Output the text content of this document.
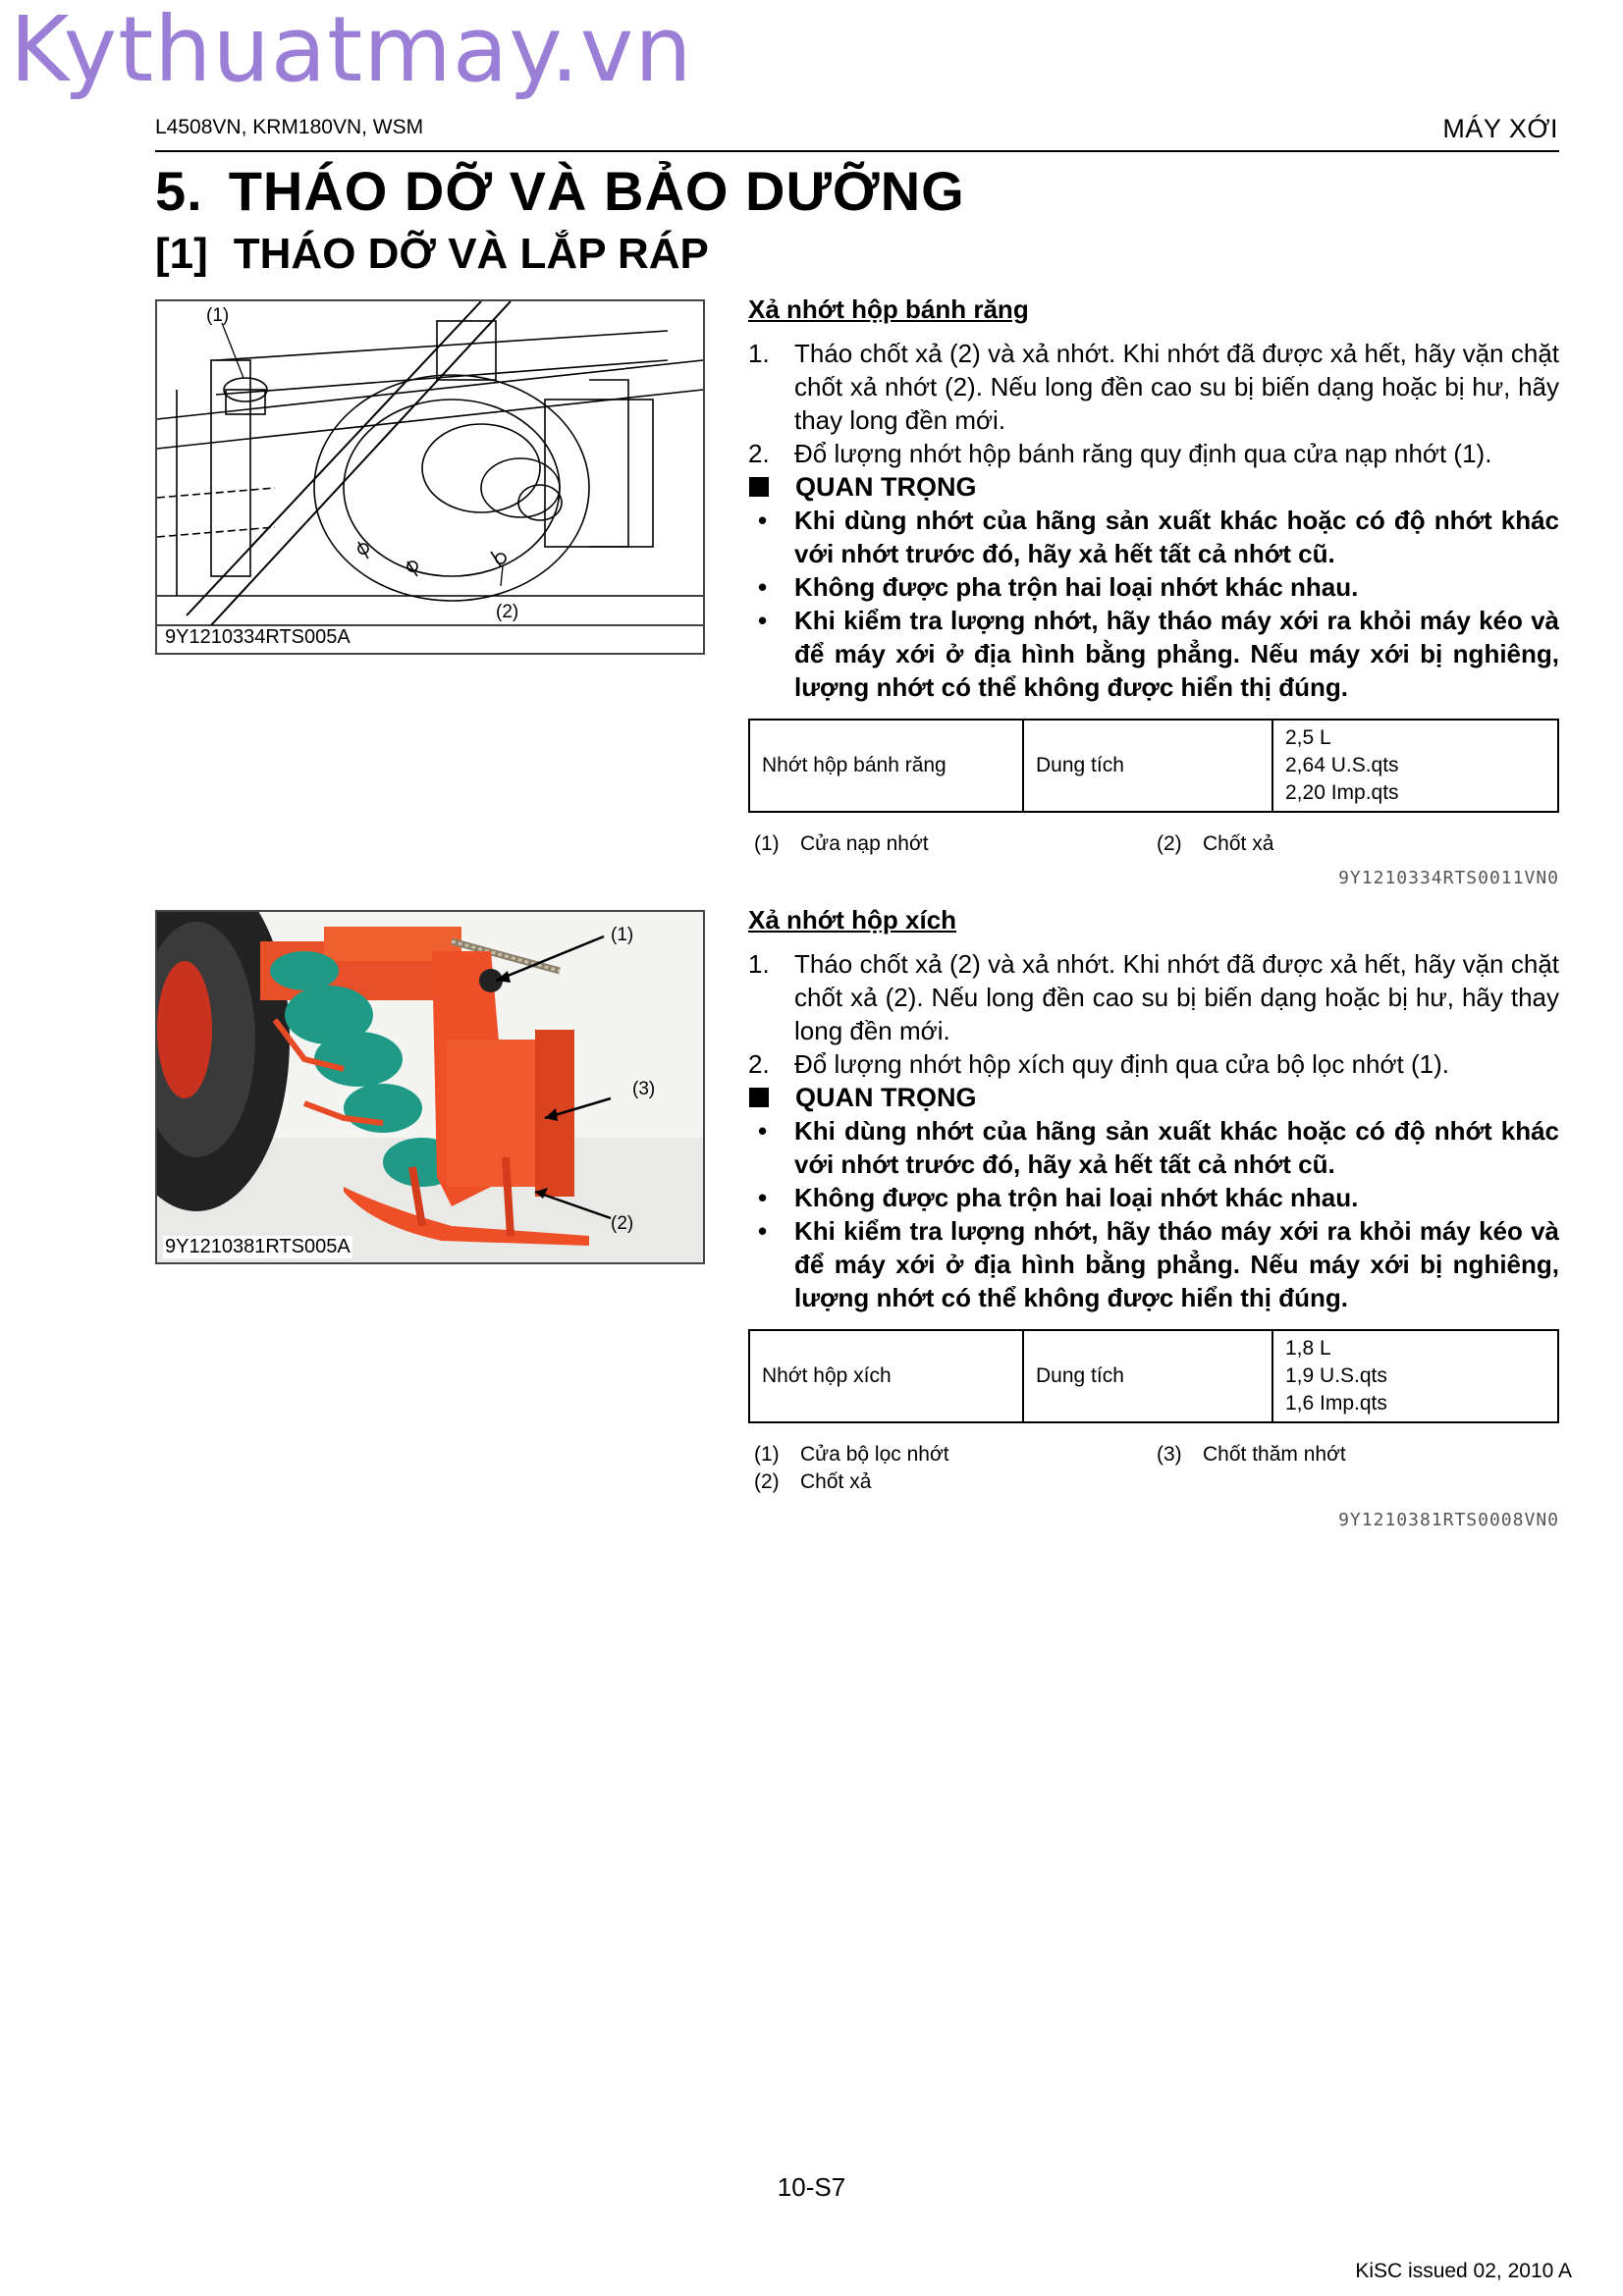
Kythuatmay.vn
L4508VN, KRM180VN, WSM	MÁY XỚI
5. THÁO DỠ VÀ BẢO DƯỠNG
[1] THÁO DỠ VÀ LẮP RÁP
(1)
(2)
9Y1210334RTS005A
(1)
(3)
(2)
9Y1210381RTS005A
Xả nhớt hộp bánh răng
1. Tháo chốt xả (2) và xả nhớt. Khi nhớt đã được xả hết, hãy vặn chặt chốt xả nhớt (2). Nếu long đền cao su bị biến dạng hoặc bị hư, hãy thay long đền mới.
2. Đổ lượng nhớt hộp bánh răng quy định qua cửa nạp nhớt (1).
QUAN TRỌNG
•	Khi dùng nhớt của hãng sản xuất khác hoặc có độ nhớt khác với nhớt trước đó, hãy xả hết tất cả nhớt cũ.
•	Không được pha trộn hai loại nhớt khác nhau.
•	Khi kiểm tra lượng nhớt, hãy tháo máy xới ra khỏi máy kéo và để máy xới ở địa hình bằng phẳng. Nếu máy xới bị nghiêng, lượng nhớt có thể không được hiển thị đúng.
Nhớt hộp bánh răng	Dung tích	
2,5 L
2,64 U.S.qts
2,20 Imp.qts
(1)	Cửa nạp nhớt	(2)	Chốt xả
9Y1210334RTS0011VN0
Xả nhớt hộp xích
1. Tháo chốt xả (2) và xả nhớt. Khi nhớt đã được xả hết, hãy vặn chặt chốt xả (2). Nếu long đền cao su bị biến dạng hoặc bị hư, hãy thay long đền mới.
2. Đổ lượng nhớt hộp xích quy định qua cửa bộ lọc nhớt (1).
QUAN TRỌNG
•	Khi dùng nhớt của hãng sản xuất khác hoặc có độ nhớt khác với nhớt trước đó, hãy xả hết tất cả nhớt cũ.
•	Không được pha trộn hai loại nhớt khác nhau.
•	Khi kiểm tra lượng nhớt, hãy tháo máy xới ra khỏi máy kéo và để máy xới ở địa hình bằng phẳng. Nếu máy xới bị nghiêng, lượng nhớt có thể không được hiển thị đúng.
Nhớt hộp xích	Dung tích	
1,8 L
1,9 U.S.qts
1,6 Imp.qts
(1)	Cửa bộ lọc nhớt	(3)	Chốt thăm nhớt
(2)	Chốt xả
9Y1210381RTS0008VN0
10-S7
KiSC issued 02, 2010 A
